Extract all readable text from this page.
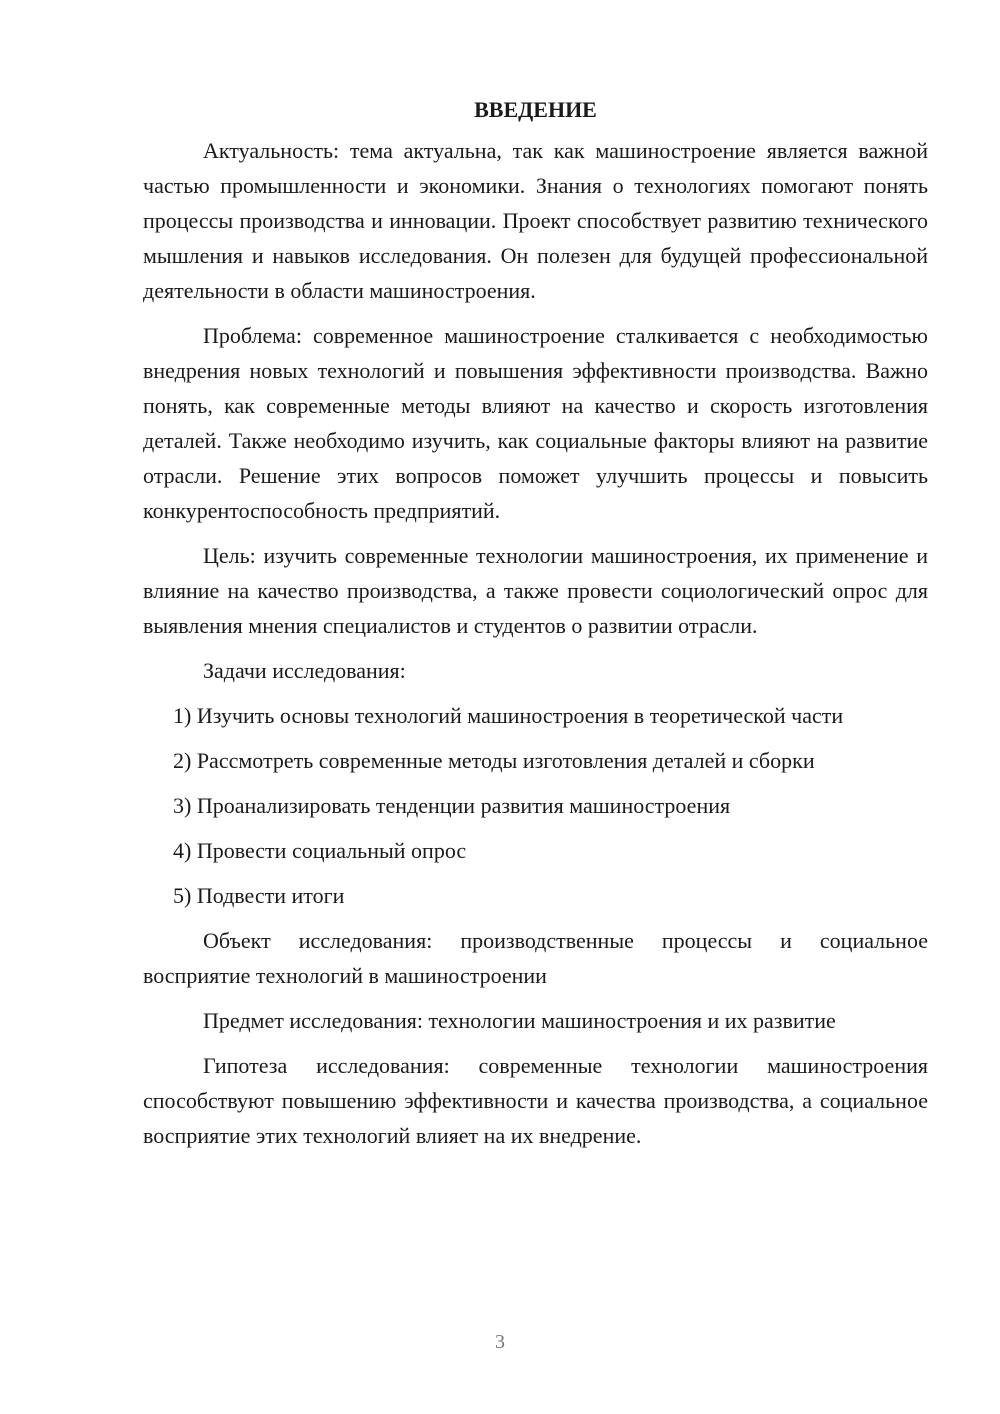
ВВЕДЕНИЕ

Актуальность: тема актуальна, так как машиностроение является важной частью промышленности и экономики. Знания о технологиях помогают понять процессы производства и инновации. Проект способствует развитию технического мышления и навыков исследования. Он полезен для будущей профессиональной деятельности в области машиностроения.

Проблема: современное машиностроение сталкивается с необходимостью внедрения новых технологий и повышения эффективности производства. Важно понять, как современные методы влияют на качество и скорость изготовления деталей. Также необходимо изучить, как социальные факторы влияют на развитие отрасли. Решение этих вопросов поможет улучшить процессы и повысить конкурентоспособность предприятий.

Цель: изучить современные технологии машиностроения, их применение и влияние на качество производства, а также провести социологический опрос для выявления мнения специалистов и студентов о развитии отрасли.

Задачи исследования:

1) Изучить основы технологий машиностроения в теоретической части

2) Рассмотреть современные методы изготовления деталей и сборки

3) Проанализировать тенденции развития машиностроения

4) Провести социальный опрос

5) Подвести итоги

Объект исследования: производственные процессы и социальное восприятие технологий в машиностроении

Предмет исследования: технологии машиностроения и их развитие

Гипотеза исследования: современные технологии машиностроения способствуют повышению эффективности и качества производства, а социальное восприятие этих технологий влияет на их внедрение.

3
